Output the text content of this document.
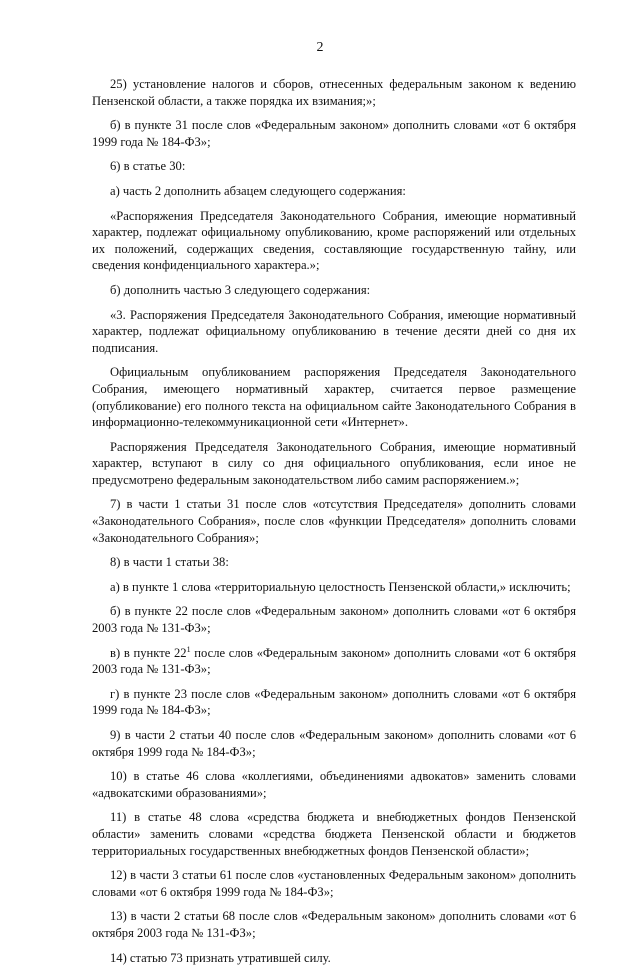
2

25) установление налогов и сборов, отнесенных федеральным законом к ведению Пензенской области, а также порядка их взимания;»;

б) в пункте 31 после слов «Федеральным законом» дополнить словами «от 6 октября 1999 года № 184-ФЗ»;

6) в статье 30:

а) часть 2 дополнить абзацем следующего содержания:

«Распоряжения Председателя Законодательного Собрания, имеющие нормативный характер, подлежат официальному опубликованию, кроме распоряжений или отдельных их положений, содержащих сведения, составляющие государственную тайну, или сведения конфиденциального характера.»;

б) дополнить частью 3 следующего содержания:

«3. Распоряжения Председателя Законодательного Собрания, имеющие нормативный характер, подлежат официальному опубликованию в течение десяти дней со дня их подписания.

Официальным опубликованием распоряжения Председателя Законодательного Собрания, имеющего нормативный характер, считается первое размещение (опубликование) его полного текста на официальном сайте Законодательного Собрания в информационно-телекоммуникационной сети «Интернет».

Распоряжения Председателя Законодательного Собрания, имеющие нормативный характер, вступают в силу со дня официального опубликования, если иное не предусмотрено федеральным законодательством либо самим распоряжением.»;

7) в части 1 статьи 31 после слов «отсутствия Председателя» дополнить словами «Законодательного Собрания», после слов «функции Председателя» дополнить словами «Законодательного Собрания»;

8) в части 1 статьи 38:

а) в пункте 1 слова «территориальную целостность Пензенской области,» исключить;

б) в пункте 22 после слов «Федеральным законом» дополнить словами «от 6 октября 2003 года № 131-ФЗ»;

в) в пункте $22^1$ после слов «Федеральным законом» дополнить словами «от 6 октября 2003 года № 131-ФЗ»;

г) в пункте 23 после слов «Федеральным законом» дополнить словами «от 6 октября 1999 года № 184-ФЗ»;

9) в части 2 статьи 40 после слов «Федеральным законом» дополнить словами «от 6 октября 1999 года № 184-ФЗ»;

10) в статье 46 слова «коллегиями, объединениями адвокатов» заменить словами «адвокатскими образованиями»;

11) в статье 48 слова «средства бюджета и внебюджетных фондов Пензенской области» заменить словами «средства бюджета Пензенской области и бюджетов территориальных государственных внебюджетных фондов Пензенской области»;

12) в части 3 статьи 61 после слов «установленных Федеральным законом» дополнить словами «от 6 октября 1999 года № 184-ФЗ»;

13) в части 2 статьи 68 после слов «Федеральным законом» дополнить словами «от 6 октября 2003 года № 131-ФЗ»;

14) статью 73 признать утратившей силу.
